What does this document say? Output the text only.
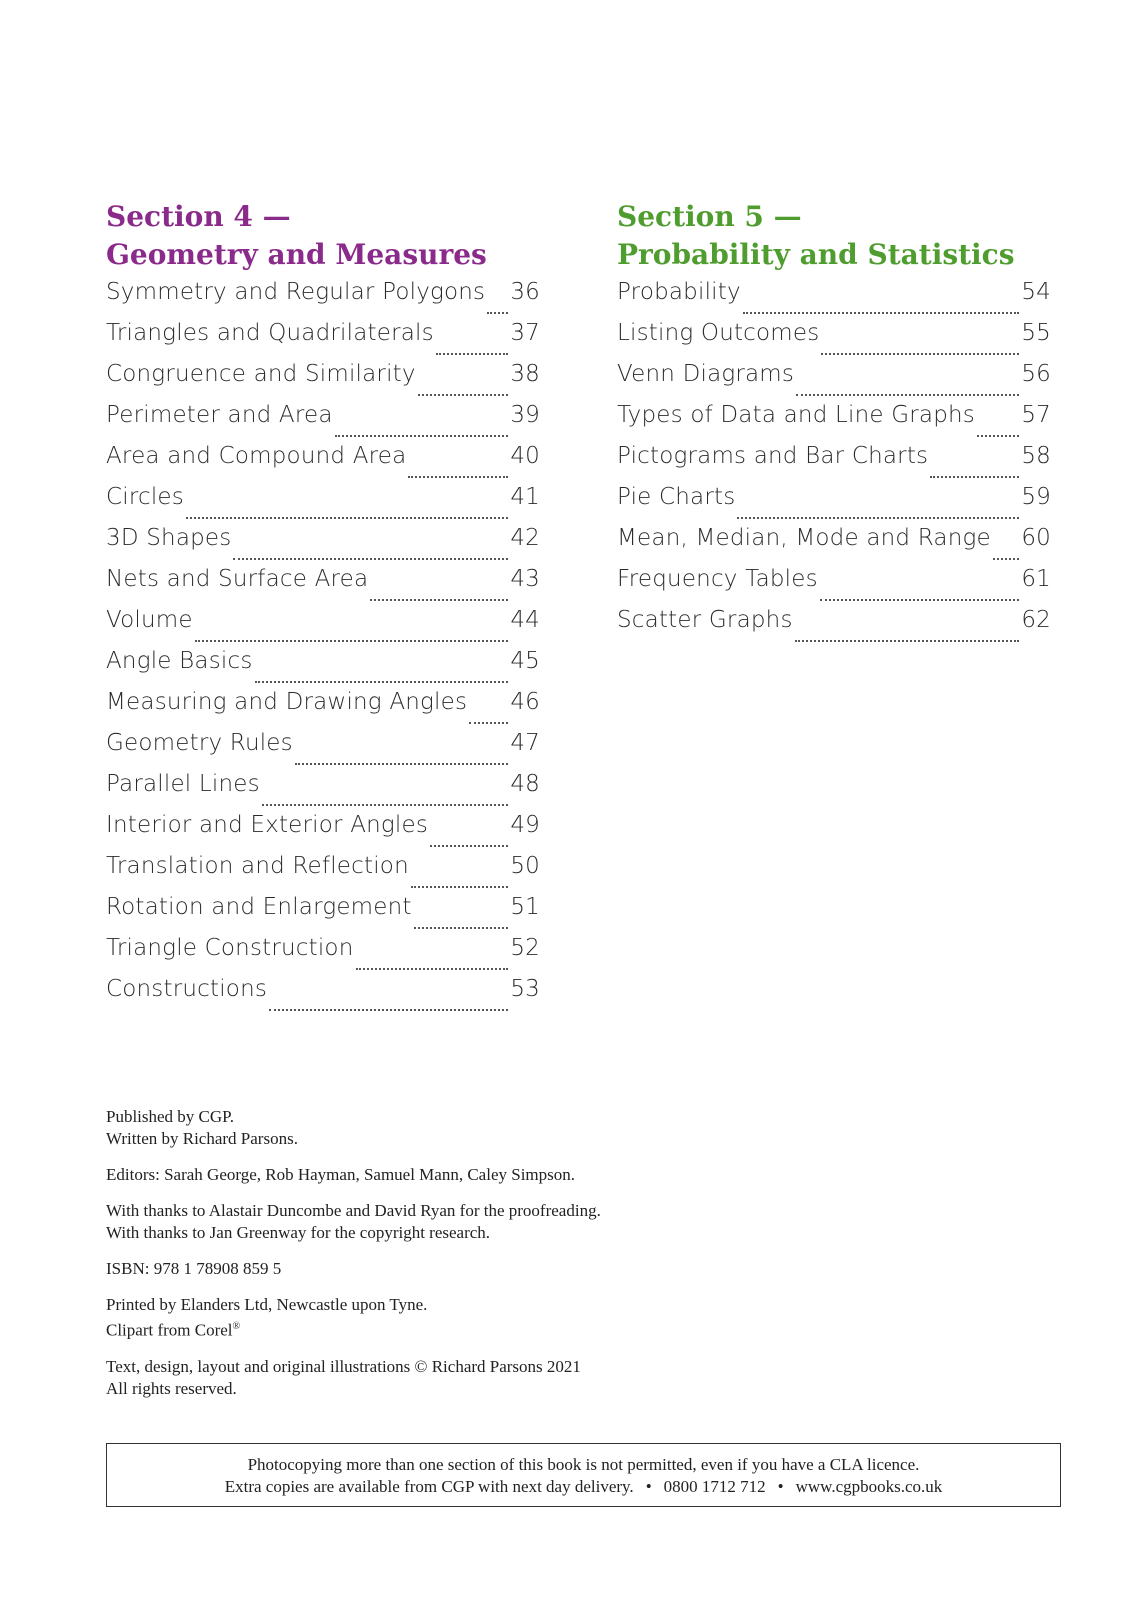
Section 4 —
Geometry and Measures
Symmetry and Regular Polygons 36
Triangles and Quadrilaterals	37
Congruence and Similarity	38
Perimeter and Area	39
Area and Compound Area	40
Circles	41
3D Shapes	42
Nets and Surface Area	43
Volume	44
Angle Basics	45
Measuring and Drawing Angles 46
Geometry Rules	47
Parallel Lines	48
Interior and Exterior Angles	49
Translation and Reflection	50
Rotation and Enlargement	51
Triangle Construction	52
Constructions	53
Section 5 —
Probability and Statistics
Probability	54
Listing Outcomes	55
Venn Diagrams	56
Types of Data and Line Graphs 57
Pictograms and Bar Charts	58
Pie Charts	59
Mean, Median, Mode and Range 60
Frequency Tables	61
Scatter Graphs	62

Published by CGP.
Written by Richard Parsons.

Editors: Sarah George, Rob Hayman, Samuel Mann, Caley Simpson.

With thanks to Alastair Duncombe and David Ryan for the proofreading.
With thanks to Jan Greenway for the copyright research.

ISBN: 978 1 78908 859 5

Printed by Elanders Ltd, Newcastle upon Tyne.
Clipart from Corel®

Text, design, layout and original illustrations © Richard Parsons 2021
All rights reserved.

Photocopying more than one section of this book is not permitted, even if you have a CLA licence.
Extra copies are available from CGP with next day delivery. • 0800 1712 712 • www.cgpbooks.co.uk
